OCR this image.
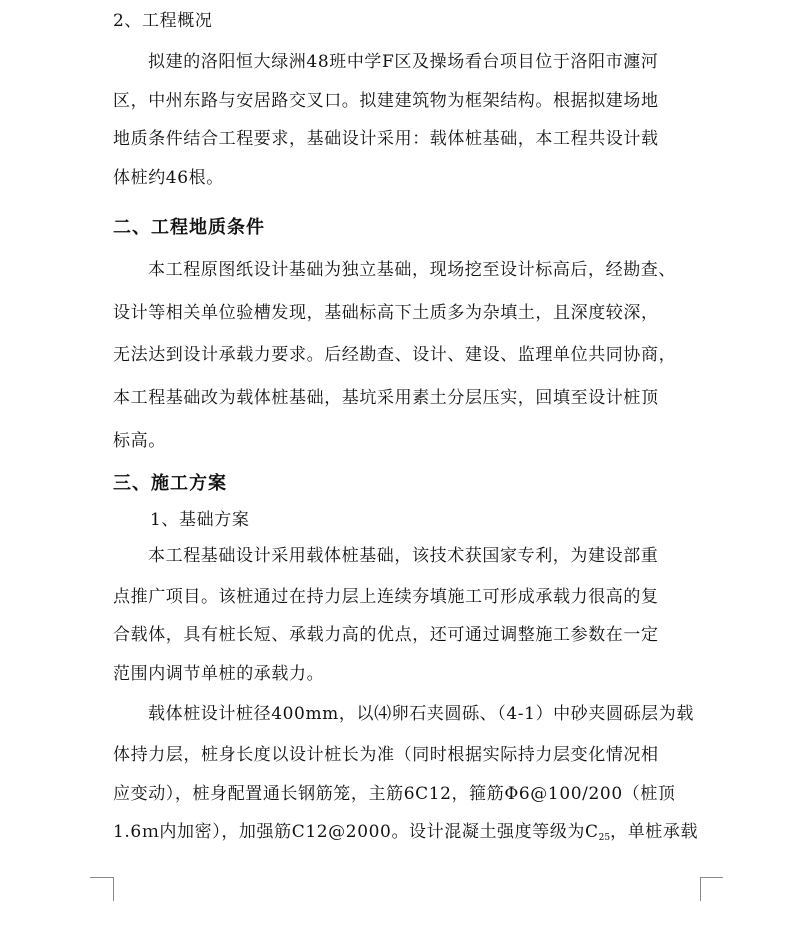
2、工程概况
拟建的洛阳恒大绿洲48班中学F区及操场看台项目位于洛阳市瀍河
区，中州东路与安居路交叉口。拟建建筑物为框架结构。根据拟建场地
地质条件结合工程要求，基础设计采用：载体桩基础，本工程共设计载
体桩约46根。
二、工程地质条件
本工程原图纸设计基础为独立基础，现场挖至设计标高后，经勘查、
设计等相关单位验槽发现，基础标高下土质多为杂填土，且深度较深，
无法达到设计承载力要求。后经勘查、设计、建设、监理单位共同协商，
本工程基础改为载体桩基础，基坑采用素土分层压实，回填至设计桩顶
标高。
三、施工方案
1、基础方案
本工程基础设计采用载体桩基础，该技术获国家专利，为建设部重
点推广项目。该桩通过在持力层上连续夯填施工可形成承载力很高的复
合载体，具有桩长短、承载力高的优点，还可通过调整施工参数在一定
范围内调节单桩的承载力。
载体桩设计桩径400mm，以⑷卵石夹圆砾、（4-1）中砂夹圆砾层为载
体持力层，桩身长度以设计桩长为准（同时根据实际持力层变化情况相
应变动），桩身配置通长钢筋笼，主筋6C12，箍筋Φ6@100/200（桩顶
1.6ｍ内加密），加强筋C12@2000。设计混凝土强度等级为C25，单桩承载
